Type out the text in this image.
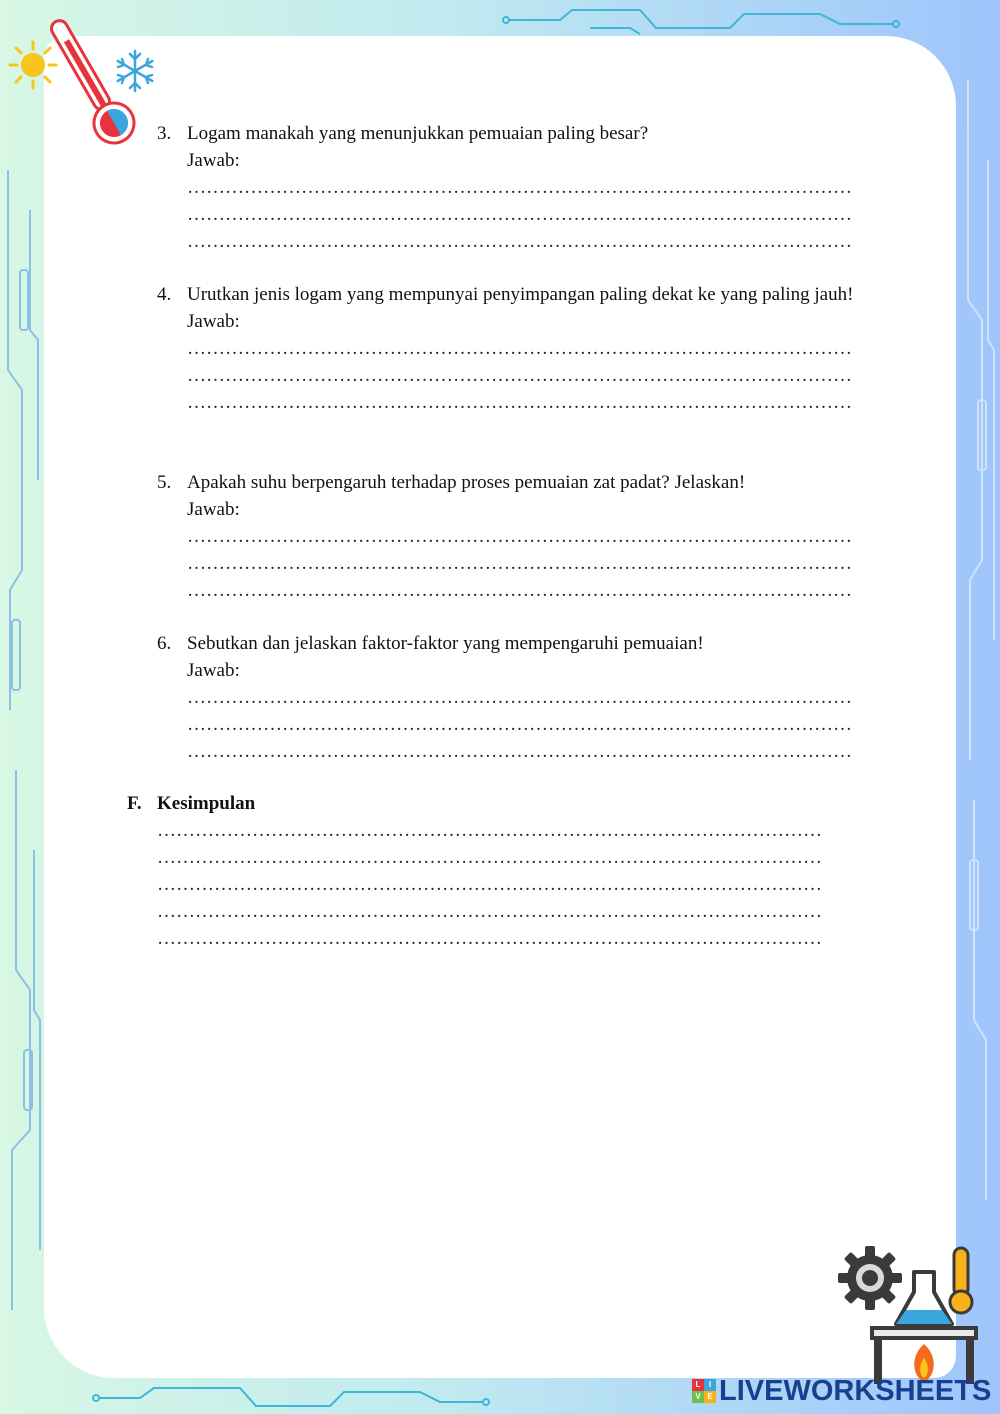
3. Logam manakah yang menunjukkan pemuaian paling besar?
Jawab:
……………………………………………………………………………………………
……………………………………………………………………………………………
……………………………………………………………………………………………
4. Urutkan jenis logam yang mempunyai penyimpangan paling dekat ke yang paling jauh!
Jawab:
……………………………………………………………………………………………
……………………………………………………………………………………………
……………………………………………………………………………………………
5. Apakah suhu berpengaruh terhadap proses pemuaian zat padat? Jelaskan!
Jawab:
……………………………………………………………………………………………
……………………………………………………………………………………………
……………………………………………………………………………………………
6. Sebutkan dan jelaskan faktor-faktor yang mempengaruhi pemuaian!
Jawab:
……………………………………………………………………………………………
……………………………………………………………………………………………
……………………………………………………………………………………………
F. Kesimpulan
……………………………………………………………………………………………
……………………………………………………………………………………………
……………………………………………………………………………………………
……………………………………………………………………………………………
……………………………………………………………………………………………
L	I
V E LIVEWORKSHEETS
